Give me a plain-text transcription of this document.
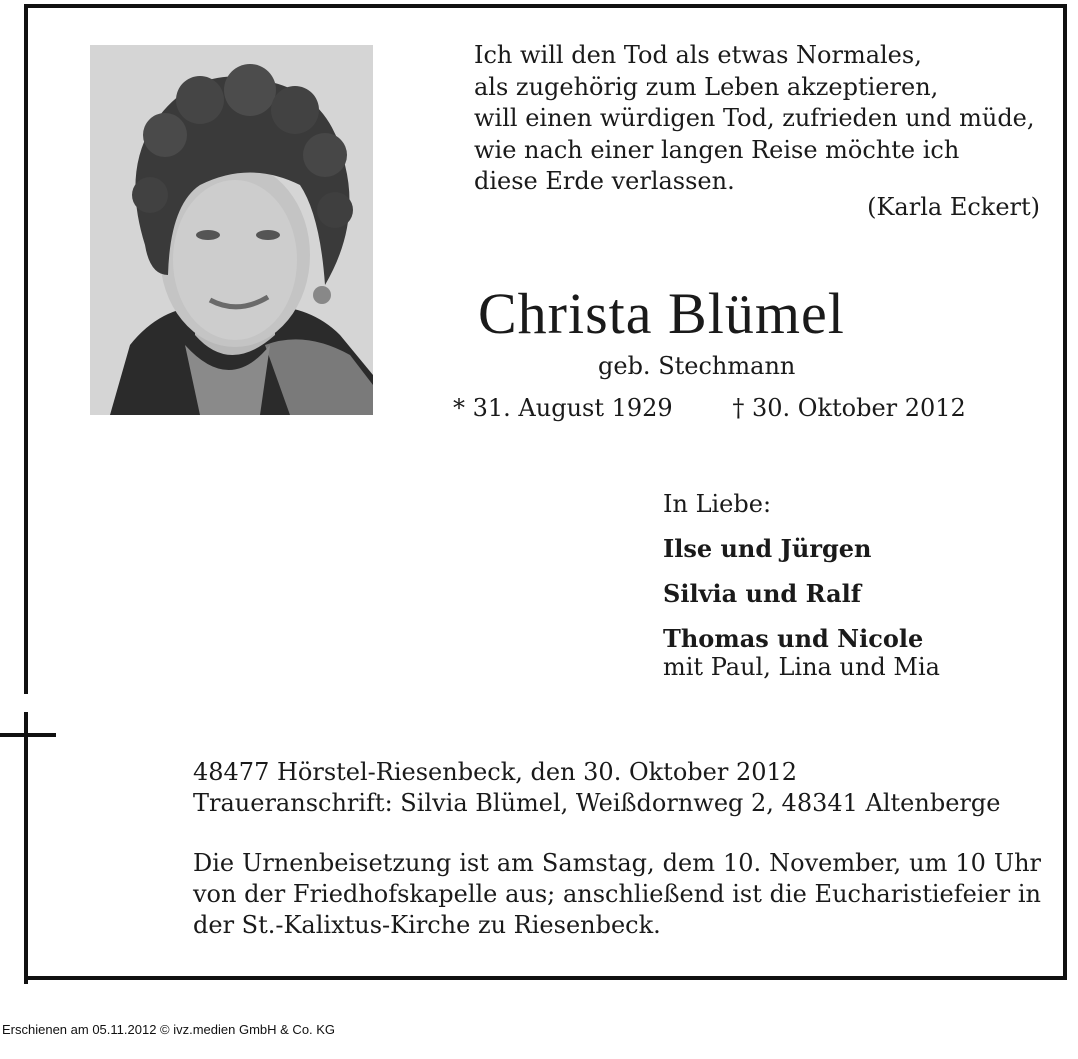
Ich will den Tod als etwas Normales,

als zugehörig zum Leben akzeptieren,

will einen würdigen Tod, zufrieden und müde,

wie nach einer langen Reise möchte ich

diese Erde verlassen.

(Karla Eckert)
Christa Blümel
geb. Stechmann
* 31. August 1929 † 30. Oktober 2012

In Liebe:

Ilse und Jürgen

Silvia und Ralf

Thomas und Nicole

mit Paul, Lina und Mia

48477 Hörstel-Riesenbeck, den 30. Oktober 2012

Traueranschrift: Silvia Blümel, Weißdornweg 2, 48341 Altenberge

Die Urnenbeisetzung ist am Samstag, dem 10. November, um 10 Uhr

von der Friedhofskapelle aus; anschließend ist die Eucharistiefeier in

der St.-Kalixtus-Kirche zu Riesenbeck.

Erschienen am 05.11.2012 © ivz.medien GmbH & Co. KG
